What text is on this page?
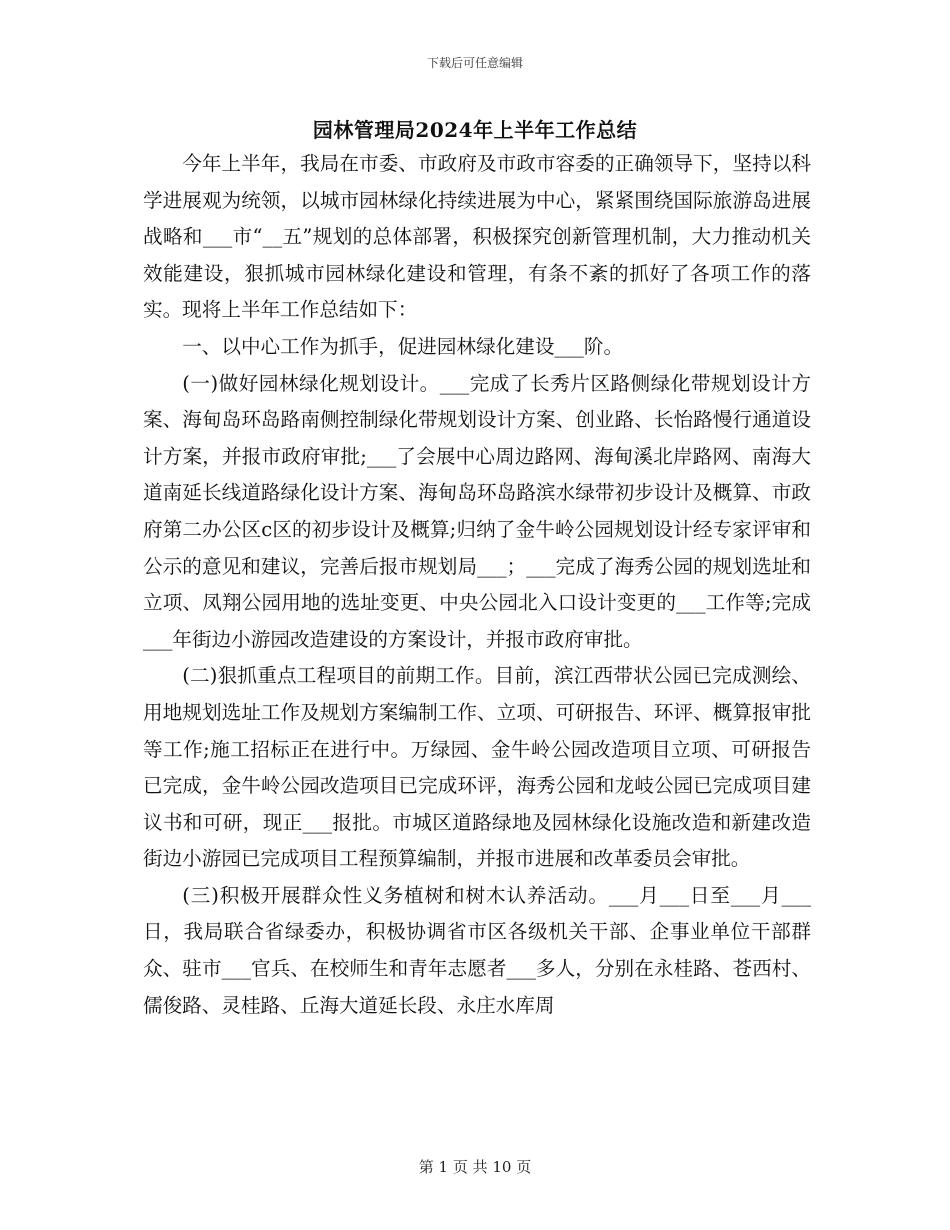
下载后可任意编辑
园林管理局2024年上半年工作总结

今年上半年，我局在市委、市政府及市政市容委的正确领导下，坚持以科学进展观为统领，以城市园林绿化持续进展为中心，紧紧围绕国际旅游岛进展战略和___市“__五”规划的总体部署，积极探究创新管理机制，大力推动机关效能建设，狠抓城市园林绿化建设和管理，有条不紊的抓好了各项工作的落实。现将上半年工作总结如下：

一、以中心工作为抓手，促进园林绿化建设___阶。

(一)做好园林绿化规划设计。___完成了长秀片区路侧绿化带规划设计方案、海甸岛环岛路南侧控制绿化带规划设计方案、创业路、长怡路慢行通道设计方案，并报市政府审批;___了会展中心周边路网、海甸溪北岸路网、南海大道南延长线道路绿化设计方案、海甸岛环岛路滨水绿带初步设计及概算、市政府第二办公区c区的初步设计及概算;归纳了金牛岭公园规划设计经专家评审和公示的意见和建议，完善后报市规划局___；___完成了海秀公园的规划选址和立项、凤翔公园用地的选址变更、中央公园北入口设计变更的___工作等;完成___年街边小游园改造建设的方案设计，并报市政府审批。

(二)狠抓重点工程项目的前期工作。目前，滨江西带状公园已完成测绘、用地规划选址工作及规划方案编制工作、立项、可研报告、环评、概算报审批等工作;施工招标正在进行中。万绿园、金牛岭公园改造项目立项、可研报告已完成，金牛岭公园改造项目已完成环评，海秀公园和龙岐公园已完成项目建议书和可研，现正___报批。市城区道路绿地及园林绿化设施改造和新建改造街边小游园已完成项目工程预算编制，并报市进展和改革委员会审批。

(三)积极开展群众性义务植树和树木认养活动。___月___日至___月___日，我局联合省绿委办，积极协调省市区各级机关干部、企事业单位干部群众、驻市___官兵、在校师生和青年志愿者___多人，分别在永桂路、苍西村、儒俊路、灵桂路、丘海大道延长段、永庄水库周

第 1 页 共 10 页
